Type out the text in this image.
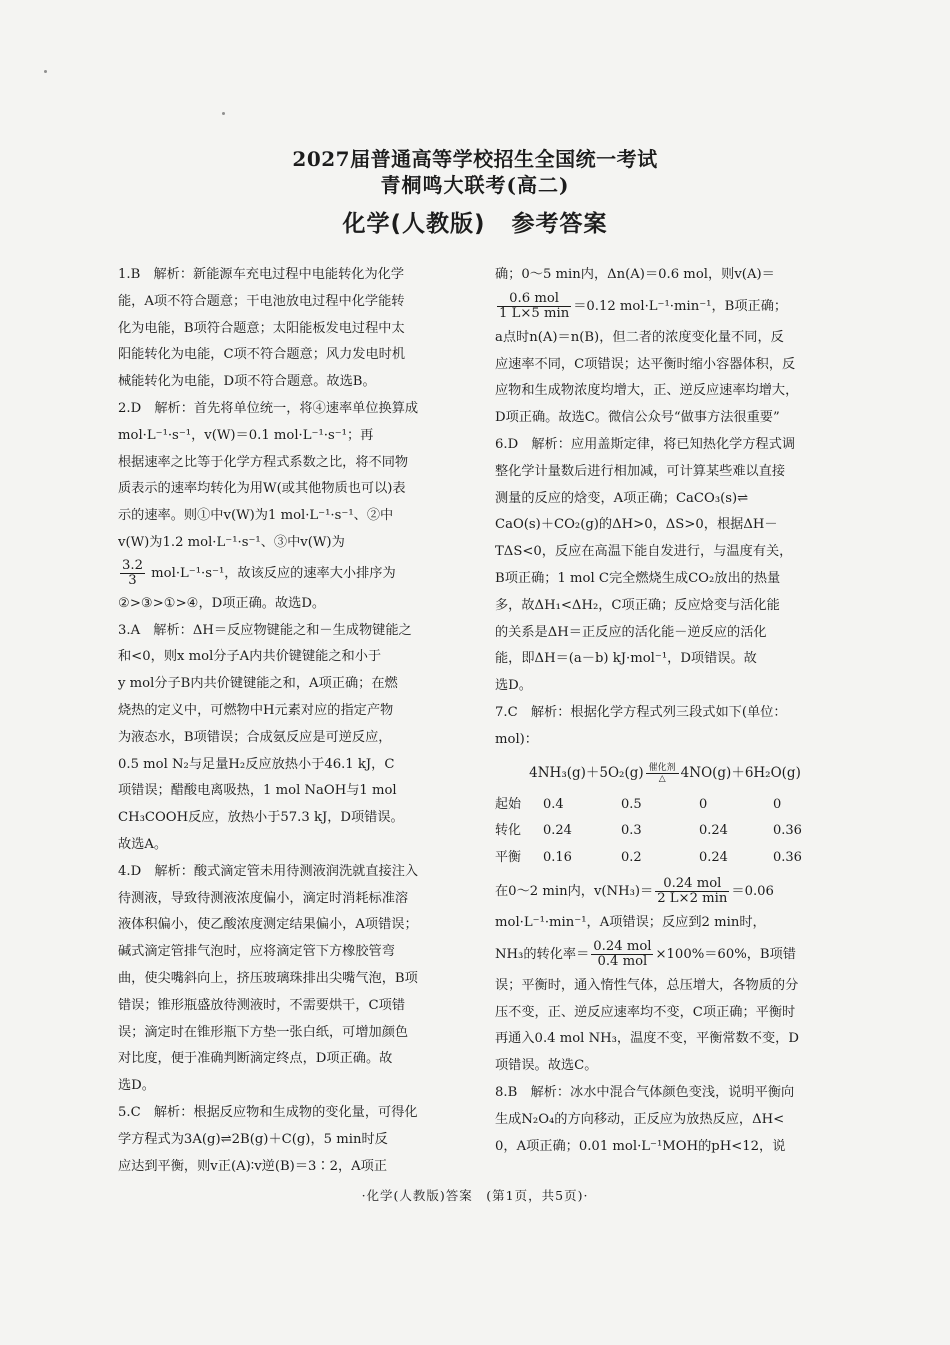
2027届普通高等学校招生全国统一考试
青桐鸣大联考(高二)
化学(人教版) 参考答案
1.B　解析：新能源车充电过程中电能转化为化学
能，A项不符合题意；干电池放电过程中化学能转
化为电能，B项符合题意；太阳能板发电过程中太
阳能转化为电能，C项不符合题意；风力发电时机
械能转化为电能，D项不符合题意。故选B。
2.D　解析：首先将单位统一，将④速率单位换算成
mol·L⁻¹·s⁻¹，v(W)＝0.1 mol·L⁻¹·s⁻¹；再
根据速率之比等于化学方程式系数之比，将不同物
质表示的速率均转化为用W(或其他物质也可以)表
示的速率。则①中v(W)为1 mol·L⁻¹·s⁻¹、②中
v(W)为1.2 mol·L⁻¹·s⁻¹、③中v(W)为
$\frac{3.2}{3} mol\cdot L^{-1}\cdot s^{-1}$，故该反应的速率大小排序为
②>③>①>④，D项正确。故选D。
3.A　解析：ΔH＝反应物键能之和－生成物键能之
和<0，则x mol分子A内共价键键能之和小于
y mol分子B内共价键键能之和，A项正确；在燃
烧热的定义中，可燃物中H元素对应的指定产物
为液态水，B项错误；合成氨反应是可逆反应，
0.5 mol N₂与足量H₂反应放热小于46.1 kJ，C
项错误；醋酸电离吸热，1 mol NaOH与1 mol
CH₃COOH反应，放热小于57.3 kJ，D项错误。
故选A。
4.D　解析：酸式滴定管未用待测液润洗就直接注入
待测液，导致待测液浓度偏小，滴定时消耗标准溶
液体积偏小，使乙酸浓度测定结果偏小，A项错误；
碱式滴定管排气泡时，应将滴定管下方橡胶管弯
曲，使尖嘴斜向上，挤压玻璃珠排出尖嘴气泡，B项
错误；锥形瓶盛放待测液时，不需要烘干，C项错
误；滴定时在锥形瓶下方垫一张白纸，可增加颜色
对比度，便于准确判断滴定终点，D项正确。故
选D。
5.C　解析：根据反应物和生成物的变化量，可得化
学方程式为3A(g)⇌2B(g)＋C(g)，5 min时反
应达到平衡，则v正(A)∶v逆(B)＝3∶2，A项正
确；0～5 min内，Δn(A)＝0.6 mol，则v(A)＝
$\frac{\text{0.6 mol}}{1 L\times 5 \min} =0.12$ mol·L⁻¹·min⁻¹，B项正确；
a点时n(A)＝n(B)，但二者的浓度变化量不同，反
应速率不同，C项错误；达平衡时缩小容器体积，反
应物和生成物浓度均增大，正、逆反应速率均增大，
D项正确。故选C。微信公众号“做事方法很重要”
6.D　解析：应用盖斯定律，将已知热化学方程式调
整化学计量数后进行相加减，可计算某些难以直接
测量的反应的焓变，A项正确；CaCO₃(s)⇌
CaO(s)＋CO₂(g)的ΔH>0，ΔS>0，根据ΔH－
TΔS<0，反应在高温下能自发进行，与温度有关，
B项正确；1 mol C完全燃烧生成CO₂放出的热量
多，故ΔH₁<ΔH₂，C项正确；反应焓变与活化能
的关系是ΔH＝正反应的活化能－逆反应的活化
能，即ΔH＝(a－b) kJ·mol⁻¹，D项错误。故
选D。
7.C　解析：根据化学方程式列三段式如下(单位：
mol)：
4NH₃(g)＋5O₂(g) 催化剂
△	4NO(g)＋6H₂O(g)
起始	0.4	0.5	0	0
转化	0.24	0.3	0.24	0.36
平衡	0.16	0.2	0.24	0.36
在0～2 min内，$v(NH_3)= \frac{\text{0.24 mol}}{2 L\times 2 \min} =0.06$
mol·L⁻¹·min⁻¹，A项错误；反应到2 min时，
NH₃的转化率＝ $\frac{\text{0.24 mol}}{\text{0.4 mol}} \times 100\%=60\%$，B项错
误；平衡时，通入惰性气体，总压增大，各物质的分
压不变，正、逆反应速率均不变，C项正确；平衡时
再通入0.4 mol NH₃，温度不变，平衡常数不变，D
项错误。故选C。
8.B　解析：冰水中混合气体颜色变浅，说明平衡向
生成N₂O₄的方向移动，正反应为放热反应，ΔH<
0，A项正确；0.01 mol·L⁻¹MOH的pH<12，说
·化学(人教版)答案　(第1页，共5页)·
